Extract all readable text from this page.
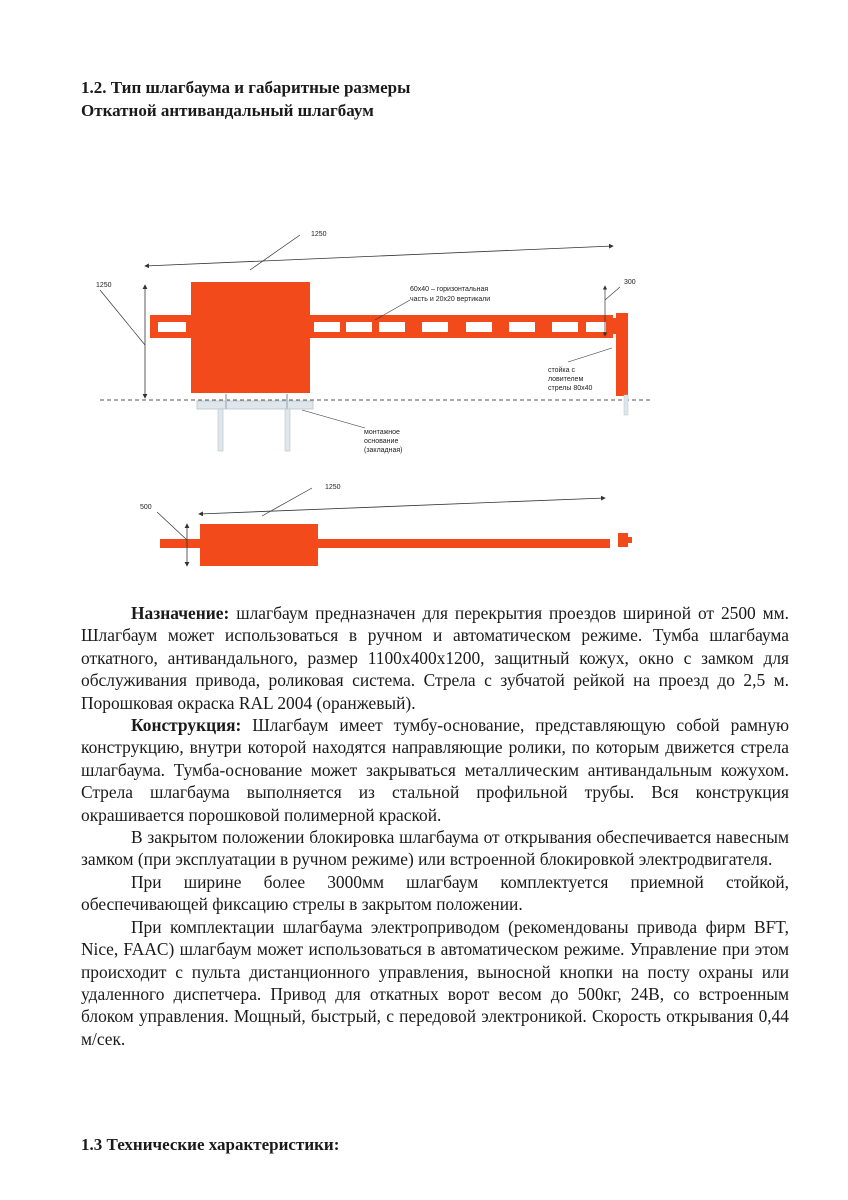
1.2. Тип шлагбаума и габаритные размеры
Откатной антивандальный шлагбаум
1250
1250
300
60х40 – горизонтальная
часть и 20х20 вертикали
стойка с
ловителем
стрелы 80х40
монтажное
основание
(закладная)
1250
500

Назначение: шлагбаум предназначен для перекрытия проездов шириной от 2500 мм. Шлагбаум может использоваться в ручном и автоматическом режиме. Тумба шлагбаума откатного, антивандального, размер 1100х400х1200, защитный кожух, окно с замком для обслуживания привода, роликовая система. Стрела с зубчатой рейкой на проезд до 2,5 м. Порошковая окраска RAL 2004 (оранжевый).

Конструкция: Шлагбаум имеет тумбу-основание, представляющую собой рамную конструкцию, внутри которой находятся направляющие ролики, по которым движется стрела шлагбаума. Тумба-основание может закрываться металлическим антивандальным кожухом. Стрела шлагбаума выполняется из стальной профильной трубы. Вся конструкция окрашивается порошковой полимерной краской.

В закрытом положении блокировка шлагбаума от открывания обеспечивается навесным замком (при эксплуатации в ручном режиме) или встроенной блокировкой электродвигателя.

При ширине более 3000мм шлагбаум комплектуется приемной стойкой, обеспечивающей фиксацию стрелы в закрытом положении.

При комплектации шлагбаума электроприводом (рекомендованы привода фирм BFT, Nice, FAAC) шлагбаум может использоваться в автоматическом режиме. Управление при этом происходит с пульта дистанционного управления, выносной кнопки на посту охраны или удаленного диспетчера. Привод для откатных ворот весом до 500кг, 24В, со встроенным блоком управления. Мощный, быстрый, с передовой электроникой. Скорость открывания 0,44 м/сек.

1.3 Технические характеристики:
